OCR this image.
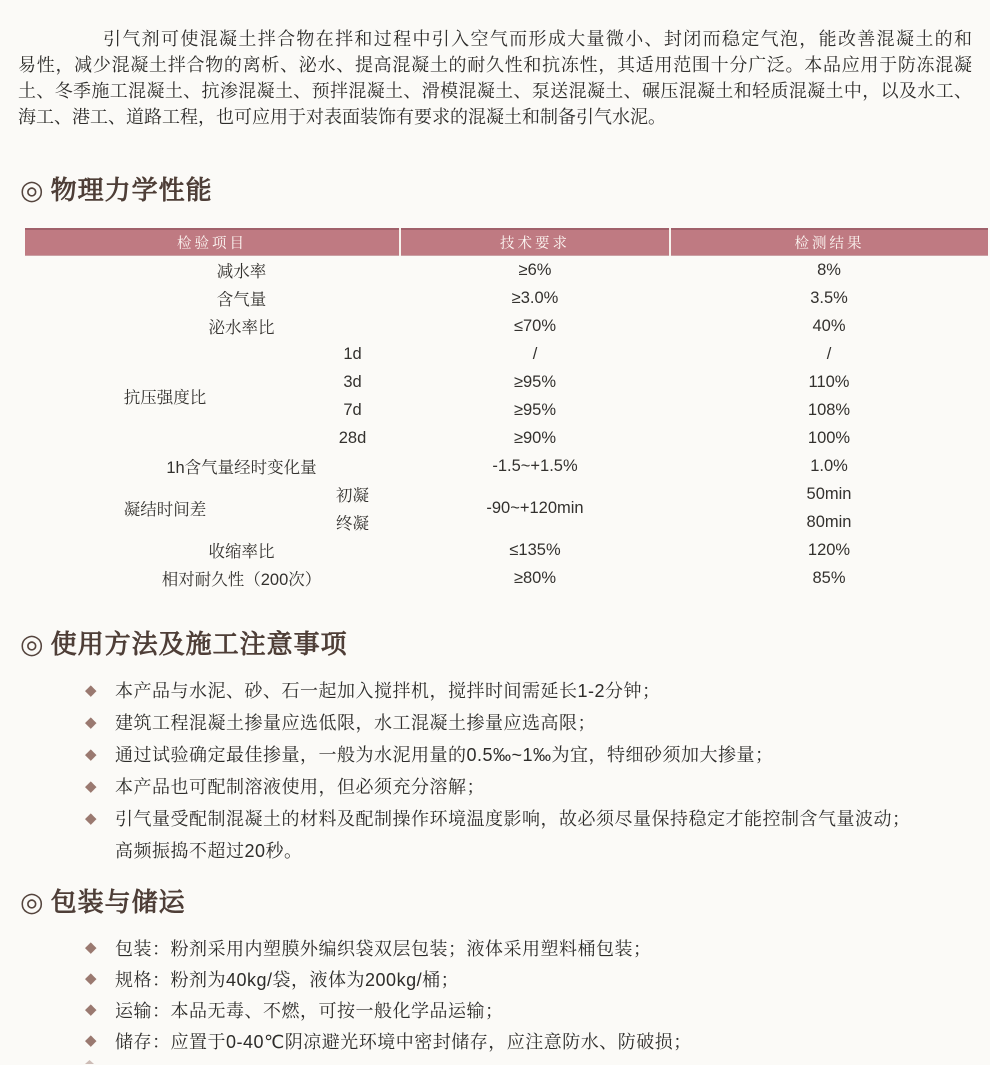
引气剂可使混凝土拌合物在拌和过程中引入空气而形成大量微小、封闭而稳定气泡，能改善混凝土的和
易性，减少混凝土拌合物的离析、泌水、提高混凝土的耐久性和抗冻性，其适用范围十分广泛。本品应用于防冻混凝
土、冬季施工混凝土、抗渗混凝土、预拌混凝土、滑模混凝土、泵送混凝土、碾压混凝土和轻质混凝土中，以及水工、
海工、港工、道路工程，也可应用于对表面装饰有要求的混凝土和制备引气水泥。
◎ 物理力学性能
检验项目		技术要求	检测结果
减水率		≥6%	8%
含气量		≥3.0%	3.5%
泌水率比		≤70%	40%
抗压强度比	1d	/	/
	3d	≥95%	110%
	7d	≥95%	108%
	28d	≥90%	100%
1h含气量经时变化量		-1.5~+1.5%	1.0%
凝结时间差	初凝	-90~+120min	50min
	终凝		80min
收缩率比		≤135%	120%
相对耐久性（200次）		≥80%	85%
◎ 使用方法及施工注意事项
◆	本产品与水泥、砂、石一起加入搅拌机，搅拌时间需延长1-2分钟；
◆	建筑工程混凝土掺量应选低限，水工混凝土掺量应选高限；
◆	通过试验确定最佳掺量，一般为水泥用量的0.5‰~1‰为宜，特细砂须加大掺量；
◆	本产品也可配制溶液使用，但必须充分溶解；
◆	引气量受配制混凝土的材料及配制操作环境温度影响，故必须尽量保持稳定才能控制含气量波动；
高频振捣不超过20秒。
◎ 包装与储运
◆	包装：粉剂采用内塑膜外编织袋双层包装；液体采用塑料桶包装；
◆	规格：粉剂为40kg/袋，液体为200kg/桶；
◆	运输：本品无毒、不燃，可按一般化学品运输；
◆	储存：应置于0-40℃阴凉避光环境中密封储存，应注意防水、防破损；
